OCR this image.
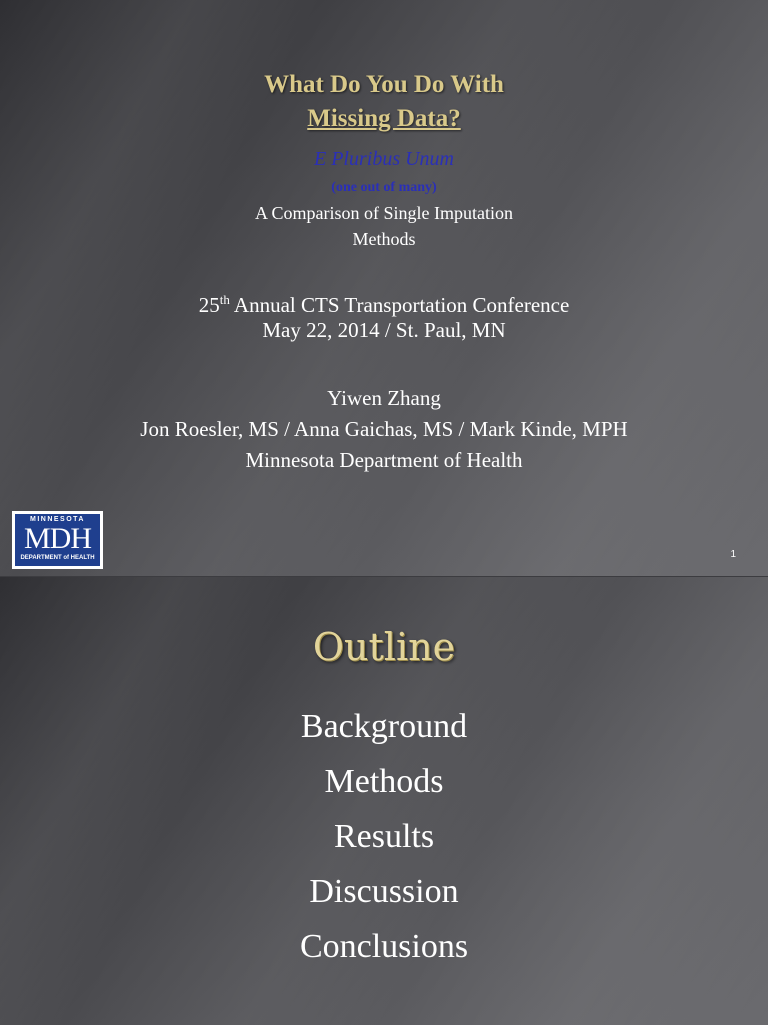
What Do You Do With
Missing Data?
E Pluribus Unum
(one out of many)
A Comparison of Single Imputation
Methods
25th Annual CTS Transportation Conference
May 22, 2014 / St. Paul, MN
Yiwen Zhang
Jon Roesler, MS / Anna Gaichas, MS / Mark Kinde, MPH
Minnesota Department of Health
MINNESOTA
MDH
DEPARTMENT of HEALTH	1
Outline
Background
Methods
Results
Discussion
Conclusions
